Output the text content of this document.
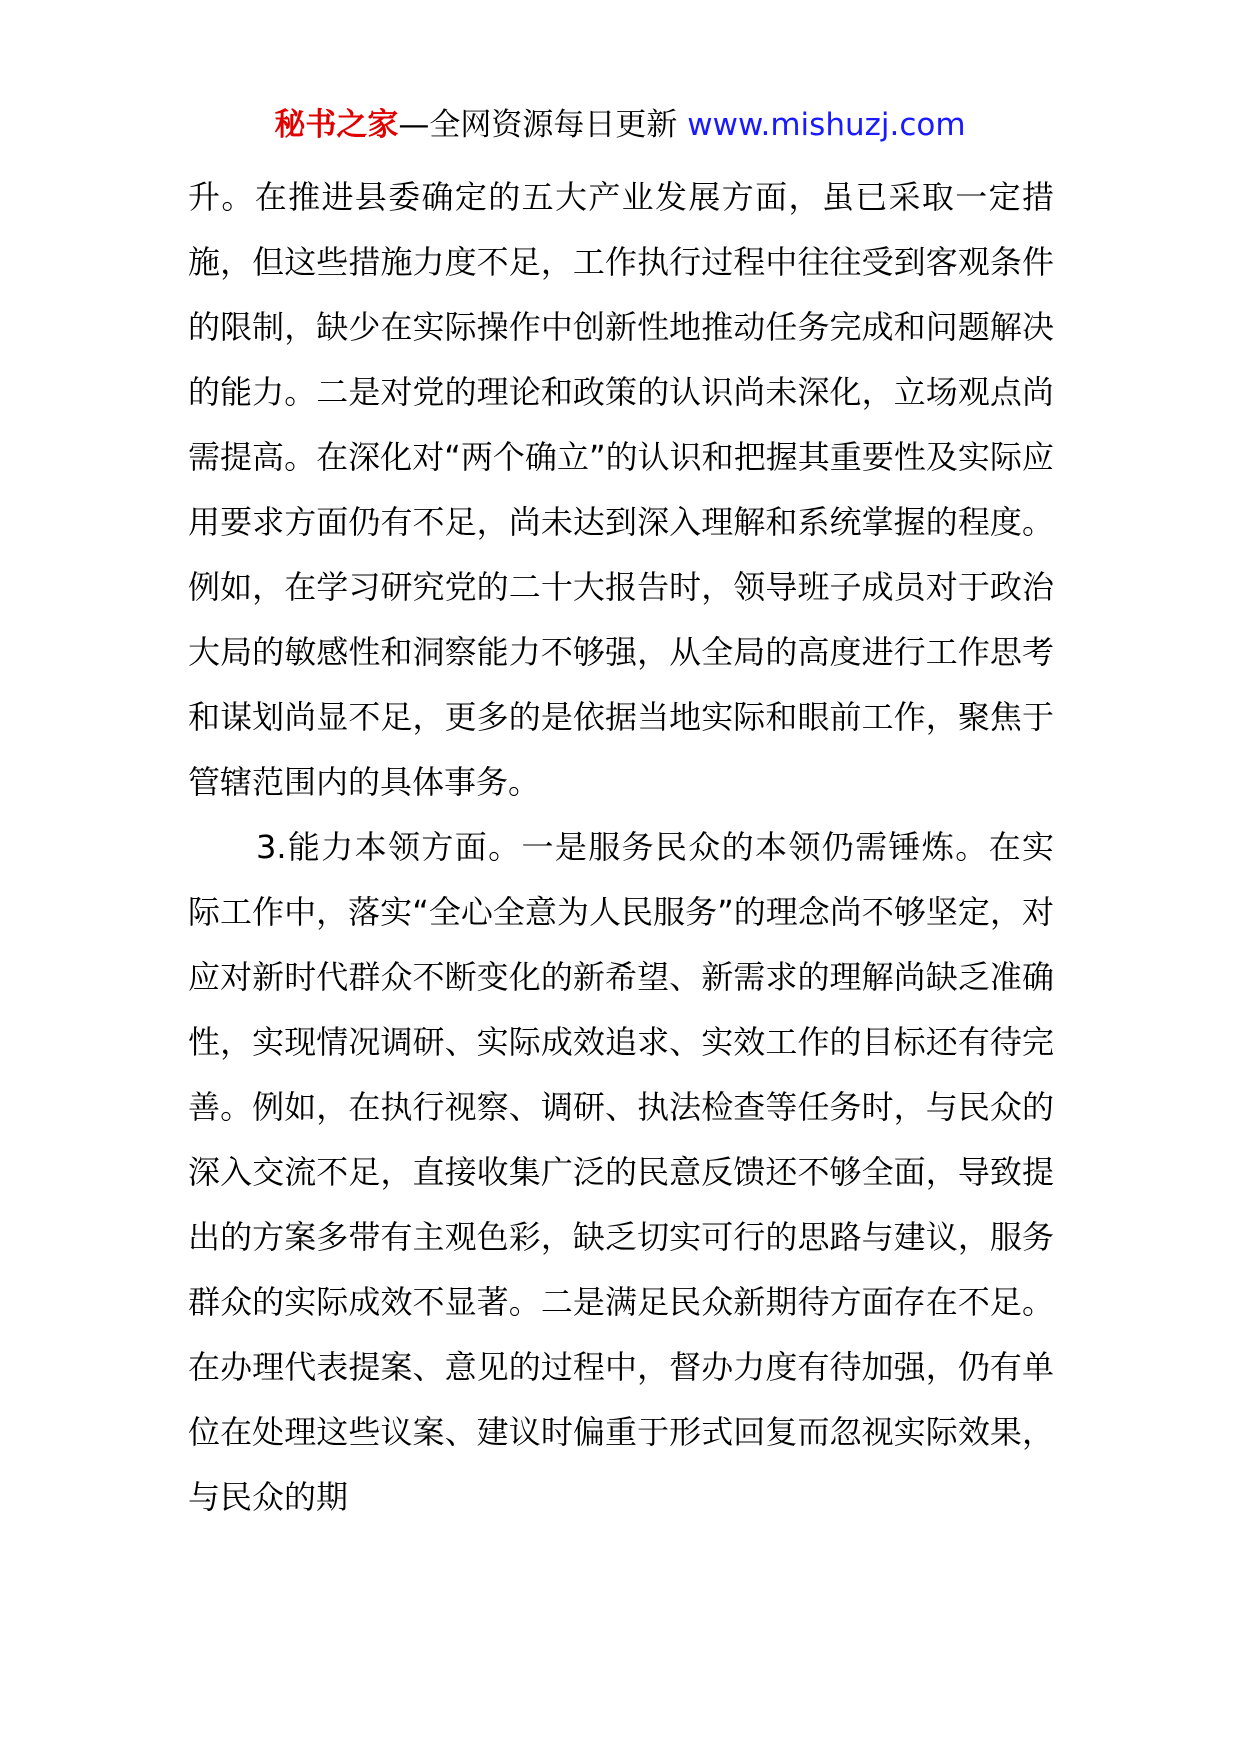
秘书之家—全网资源每日更新 www.mishuzj.com

升。在推进县委确定的五大产业发展方面，虽已采取一定措施，但这些措施力度不足，工作执行过程中往往受到客观条件的限制，缺少在实际操作中创新性地推动任务完成和问题解决的能力。二是对党的理论和政策的认识尚未深化，立场观点尚需提高。在深化对“两个确立”的认识和把握其重要性及实际应用要求方面仍有不足，尚未达到深入理解和系统掌握的程度。例如，在学习研究党的二十大报告时，领导班子成员对于政治大局的敏感性和洞察能力不够强，从全局的高度进行工作思考和谋划尚显不足，更多的是依据当地实际和眼前工作，聚焦于管辖范围内的具体事务。

3.能力本领方面。一是服务民众的本领仍需锤炼。在实际工作中，落实“全心全意为人民服务”的理念尚不够坚定，对应对新时代群众不断变化的新希望、新需求的理解尚缺乏准确性，实现情况调研、实际成效追求、实效工作的目标还有待完善。例如，在执行视察、调研、执法检查等任务时，与民众的深入交流不足，直接收集广泛的民意反馈还不够全面，导致提出的方案多带有主观色彩，缺乏切实可行的思路与建议，服务群众的实际成效不显著。二是满足民众新期待方面存在不足。在办理代表提案、意见的过程中，督办力度有待加强，仍有单位在处理这些议案、建议时偏重于形式回复而忽视实际效果，与民众的期
